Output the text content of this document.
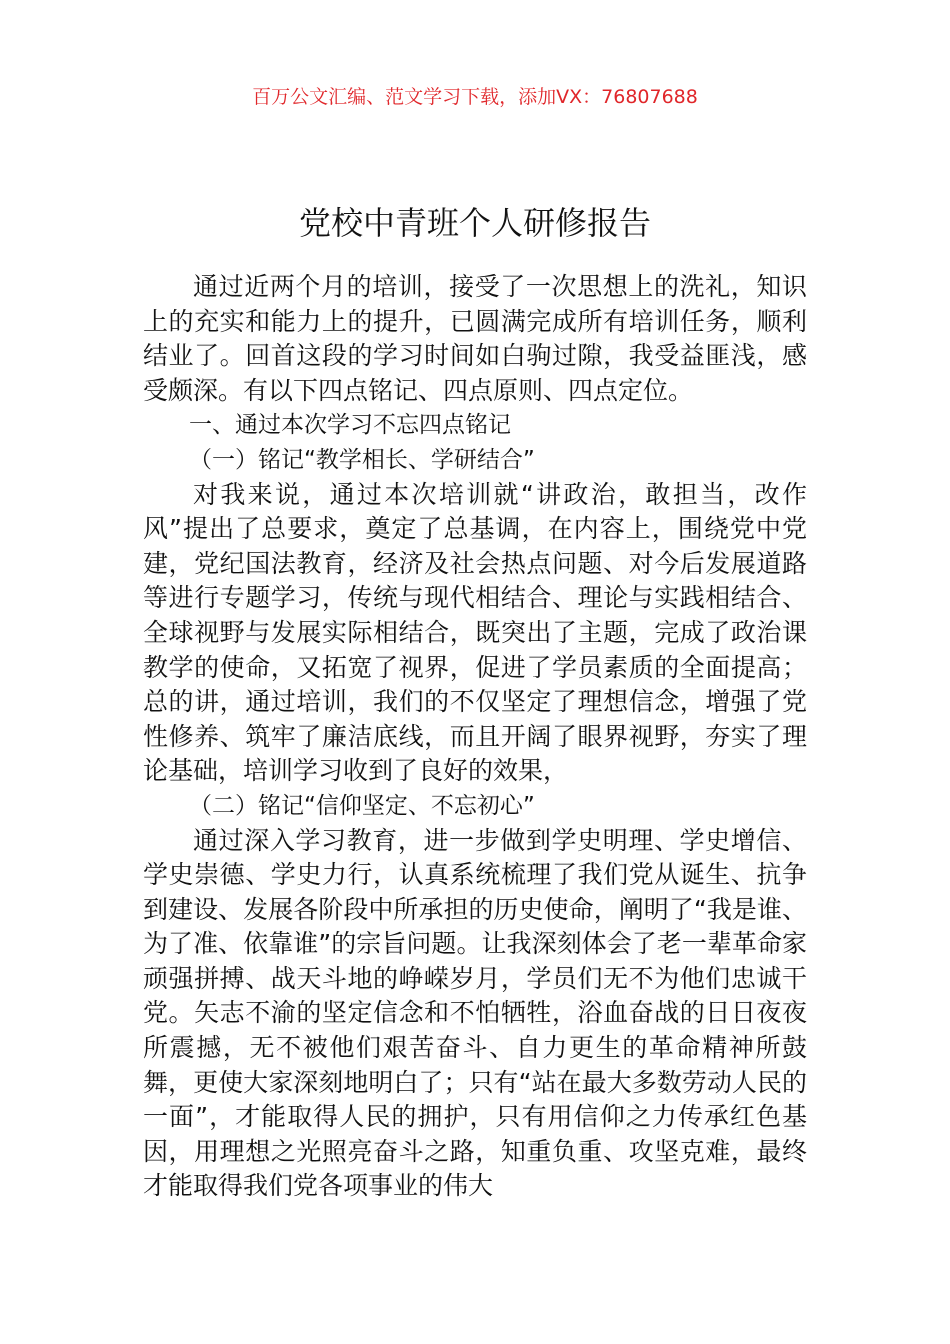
百万公文汇编、范文学习下载，添加VX：76807688
党校中青班个人研修报告

通过近两个月的培训，接受了一次思想上的洗礼，知识上的充实和能力上的提升，已圆满完成所有培训任务，顺利结业了。回首这段的学习时间如白驹过隙，我受益匪浅，感受颇深。有以下四点铭记、四点原则、四点定位。

一、通过本次学习不忘四点铭记

（一）铭记“教学相长、学研结合”

对我来说，通过本次培训就“讲政治，敢担当，改作风”提出了总要求，奠定了总基调，在内容上，围绕党中党建，党纪国法教育，经济及社会热点问题、对今后发展道路等进行专题学习，传统与现代相结合、理论与实践相结合、全球视野与发展实际相结合，既突出了主题，完成了政治课教学的使命，又拓宽了视界，促进了学员素质的全面提高；总的讲，通过培训，我们的不仅坚定了理想信念，增强了党性修养、筑牢了廉洁底线，而且开阔了眼界视野，夯实了理论基础，培训学习收到了良好的效果，

（二）铭记“信仰坚定、不忘初心”

通过深入学习教育，进一步做到学史明理、学史增信、学史崇德、学史力行，认真系统梳理了我们党从诞生、抗争到建设、发展各阶段中所承担的历史使命，阐明了“我是谁、为了准、依靠谁”的宗旨问题。让我深刻体会了老一辈革命家顽强拼搏、战天斗地的峥嵘岁月，学员们无不为他们忠诚干党。矢志不渝的坚定信念和不怕牺牲，浴血奋战的日日夜夜所震撼，无不被他们艰苦奋斗、自力更生的革命精神所鼓舞，更使大家深刻地明白了；只有“站在最大多数劳动人民的一面”，才能取得人民的拥护，只有用信仰之力传承红色基因，用理想之光照亮奋斗之路，知重负重、攻坚克难，最终才能取得我们党各项事业的伟大
